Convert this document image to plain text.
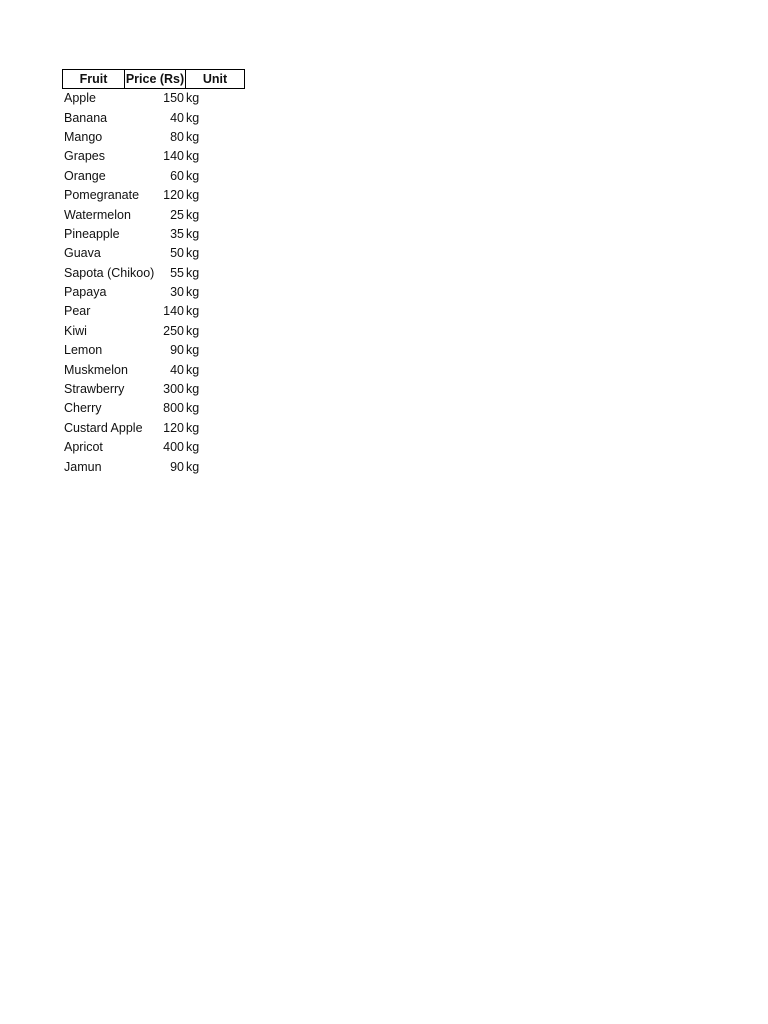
Fruit	Price (Rs)	Unit
Apple	150 kg
Banana	40 kg
Mango	80 kg
Grapes	140 kg
Orange	60 kg
Pomegranate	120 kg
Watermelon	25 kg
Pineapple	35 kg
Guava	50 kg
Sapota (Chikoo)	55 kg
Papaya	30 kg
Pear	140 kg
Kiwi	250 kg
Lemon	90 kg
Muskmelon	40 kg
Strawberry	300 kg
Cherry	800 kg
Custard Apple	120 kg
Apricot	400 kg
Jamun	90 kg
